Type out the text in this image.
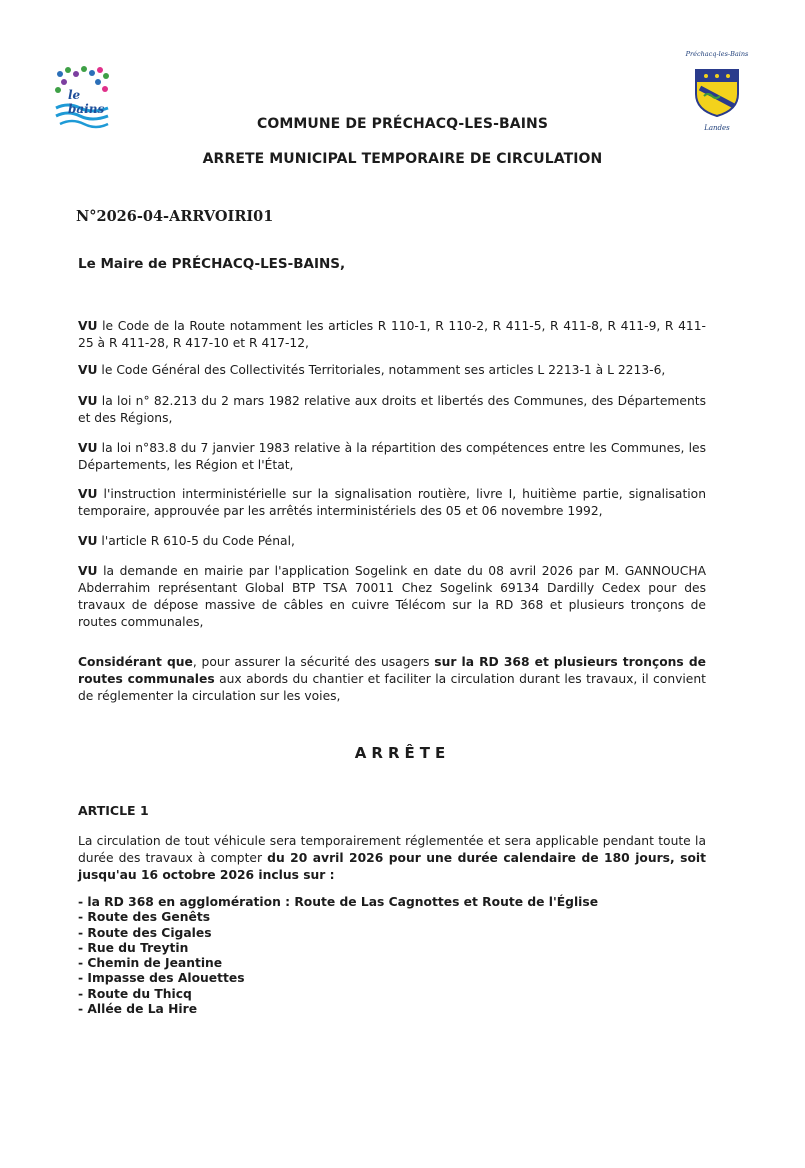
le bains
Préchacq-les-Bains
Landes
COMMUNE DE PRÉCHACQ-LES-BAINS
ARRETE MUNICIPAL TEMPORAIRE DE CIRCULATION
N°2026-04-ARRVOIRI01
Le Maire de PRÉCHACQ-LES-BAINS,
VU le Code de la Route notamment les articles R 110-1, R 110-2, R 411-5, R 411-8, R 411-9, R 411-25 à R 411-28, R 417-10 et R 417-12,
VU le Code Général des Collectivités Territoriales, notamment ses articles L 2213-1 à L 2213-6,
VU la loi n° 82.213 du 2 mars 1982 relative aux droits et libertés des Communes, des Départements et des Régions,
VU la loi n°83.8 du 7 janvier 1983 relative à la répartition des compétences entre les Communes, les Départements, les Région et l'État,
VU l'instruction interministérielle sur la signalisation routière, livre I, huitième partie, signalisation temporaire, approuvée par les arrêtés interministériels des 05 et 06 novembre 1992,
VU l'article R 610-5 du Code Pénal,
VU la demande en mairie par l'application Sogelink en date du 08 avril 2026 par M. GANNOUCHA Abderrahim représentant Global BTP TSA 70011 Chez Sogelink 69134 Dardilly Cedex pour des travaux de dépose massive de câbles en cuivre Télécom sur la RD 368 et plusieurs tronçons de routes communales,
Considérant que, pour assurer la sécurité des usagers sur la RD 368 et plusieurs tronçons de routes communales aux abords du chantier et faciliter la circulation durant les travaux, il convient de réglementer la circulation sur les voies,
ARRÊTE
ARTICLE 1
La circulation de tout véhicule sera temporairement réglementée et sera applicable pendant toute la durée des travaux à compter du 20 avril 2026 pour une durée calendaire de 180 jours, soit jusqu'au 16 octobre 2026 inclus sur :
- la RD 368 en agglomération : Route de Las Cagnottes et Route de l'Église
- Route des Genêts
- Route des Cigales
- Rue du Treytin
- Chemin de Jeantine
- Impasse des Alouettes
- Route du Thicq
- Allée de La Hire
